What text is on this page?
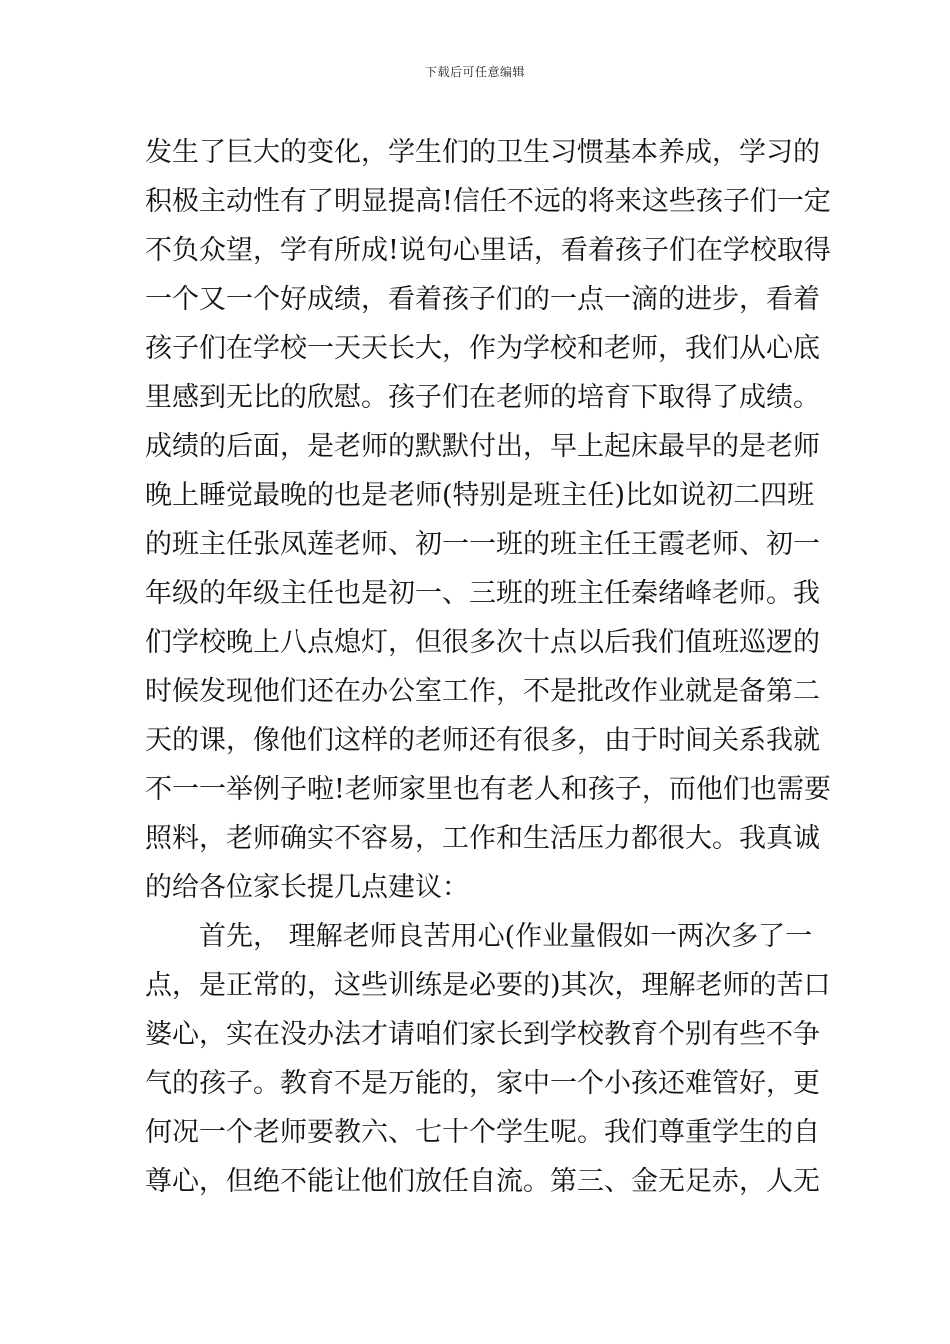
下载后可任意编辑
发生了巨大的变化，学生们的卫生习惯基本养成，学习的
积极主动性有了明显提高!信任不远的将来这些孩子们一定
不负众望，学有所成!说句心里话，看着孩子们在学校取得
一个又一个好成绩，看着孩子们的一点一滴的进步，看着
孩子们在学校一天天长大，作为学校和老师，我们从心底
里感到无比的欣慰。孩子们在老师的培育下取得了成绩。
成绩的后面，是老师的默默付出，早上起床最早的是老师
晚上睡觉最晚的也是老师(特别是班主任)比如说初二四班
的班主任张凤莲老师、初一一班的班主任王霞老师、初一
年级的年级主任也是初一、三班的班主任秦绪峰老师。我
们学校晚上八点熄灯，但很多次十点以后我们值班巡逻的
时候发现他们还在办公室工作，不是批改作业就是备第二
天的课，像他们这样的老师还有很多，由于时间关系我就
不一一举例子啦!老师家里也有老人和孩子，而他们也需要
照料，老师确实不容易，工作和生活压力都很大。我真诚
的给各位家长提几点建议：
首先， 理解老师良苦用心(作业量假如一两次多了一
点，是正常的，这些训练是必要的)其次，理解老师的苦口
婆心，实在没办法才请咱们家长到学校教育个别有些不争
气的孩子。教育不是万能的，家中一个小孩还难管好，更
何况一个老师要教六、七十个学生呢。我们尊重学生的自
尊心，但绝不能让他们放任自流。第三、金无足赤，人无
